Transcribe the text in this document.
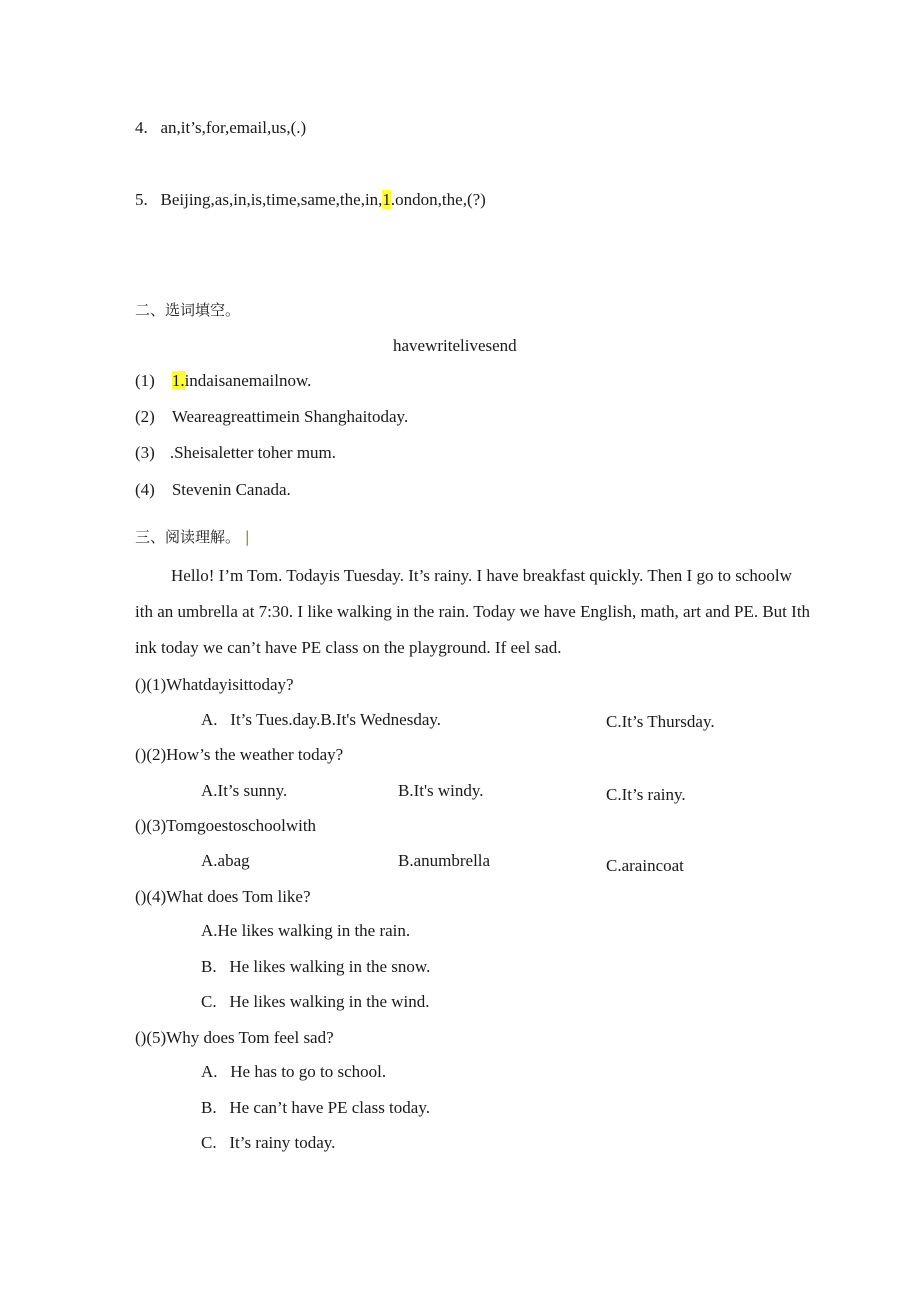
4. an,it’s,for,email,us,(.)
5. Beijing,as,in,is,time,same,the,in,1.ondon,the,(?)
二、选词填空。
havewritelivesend
(1) 1.indaisanemailnow.
(2) Weareagreattimein Shanghaitoday.
(3) .Sheisaletter toher mum.
(4) Stevenin Canada.
三、阅读理解。 |
Hello! I’m Tom. Todayis Tuesday. It’s rainy. I have breakfast quickly. Then I go to schoolw
ith an umbrella at 7:30. I like walking in the rain. Today we have English, math, art and PE. But Ith
ink today we can’t have PE class on the playground. If eel sad.
()(1)Whatdayisittoday?
A.   It’s Tues.day.B.It's Wednesday.	C.It’s Thursday.
()(2)How’s the weather today?
A.It’s sunny.	B.It's windy.	C.It’s rainy.
()(3)Tomgoestoschoolwith
A.abag	B.anumbrella	C.araincoat
()(4)What does Tom like?
A.He likes walking in the rain.
B.   He likes walking in the snow.
C.   He likes walking in the wind.
()(5)Why does Tom feel sad?
A.   He has to go to school.
B.   He can’t have PE class today.
C.   It’s rainy today.
